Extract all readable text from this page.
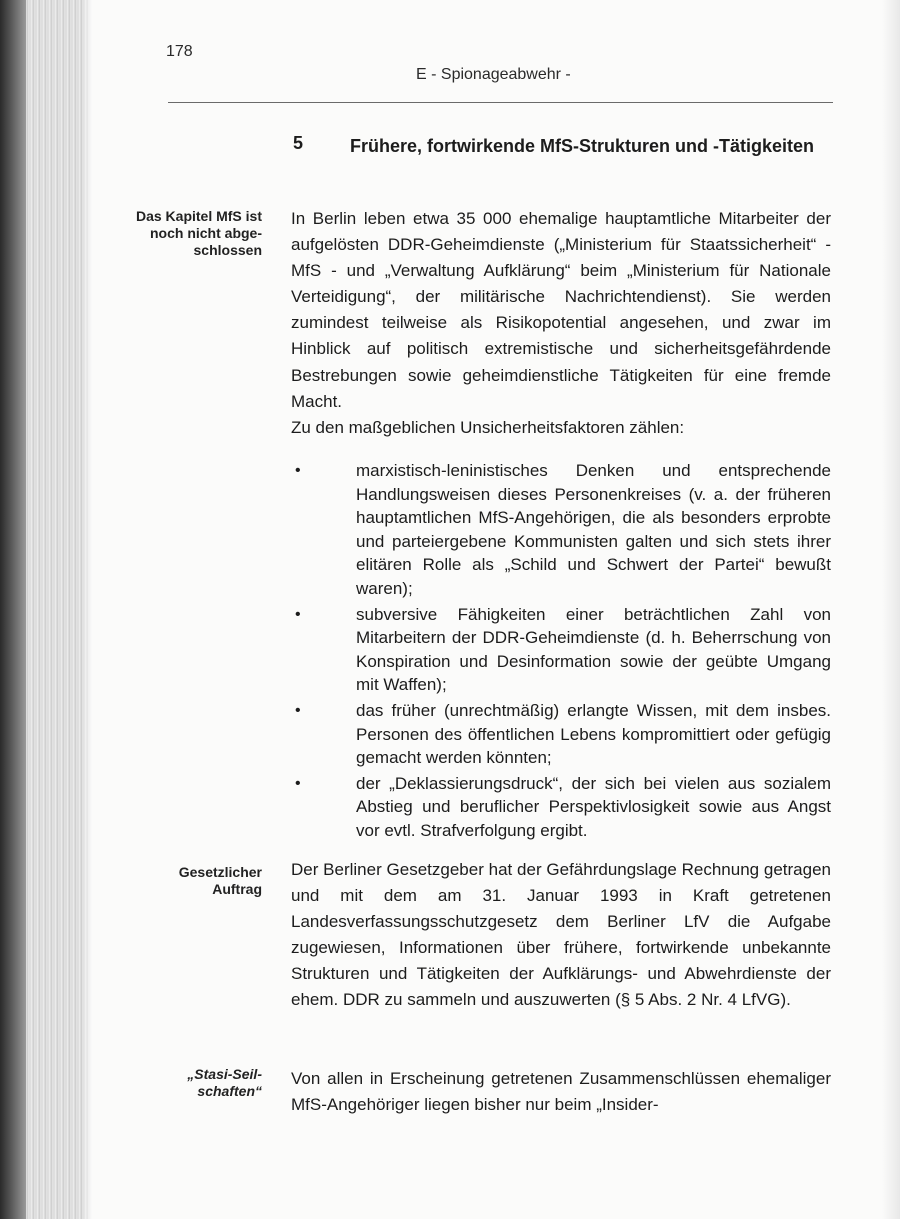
178
E - Spionageabwehr -
5	Frühere, fortwirkende MfS-Strukturen und -Tätigkeiten
Das Kapitel MfS ist noch nicht abge-schlossen

In Berlin leben etwa 35 000 ehemalige hauptamtliche Mitarbeiter der aufgelösten DDR-Geheimdienste („Ministerium für Staatssicherheit“ - MfS - und „Verwaltung Aufklärung“ beim „Ministerium für Nationale Verteidigung“, der militärische Nachrichtendienst). Sie werden zumindest teilweise als Risikopotential angesehen, und zwar im Hinblick auf politisch extremistische und sicherheitsgefährdende Bestrebungen sowie geheimdienstliche Tätigkeiten für eine fremde Macht.

Zu den maßgeblichen Unsicherheitsfaktoren zählen:

•	marxistisch-leninistisches Denken und entsprechende Handlungsweisen dieses Personenkreises (v. a. der früheren hauptamtlichen MfS-Angehörigen, die als besonders erprobte und parteiergebene Kommunisten galten und sich stets ihrer elitären Rolle als „Schild und Schwert der Partei“ bewußt waren);
•	subversive Fähigkeiten einer beträchtlichen Zahl von Mitarbeitern der DDR-Geheimdienste (d. h. Beherrschung von Konspiration und Desinformation sowie der geübte Umgang mit Waffen);
•	das früher (unrechtmäßig) erlangte Wissen, mit dem insbes. Personen des öffentlichen Lebens kompromittiert oder gefügig gemacht werden könnten;
•	der „Deklassierungsdruck“, der sich bei vielen aus sozialem Abstieg und beruflicher Perspektivlosigkeit sowie aus Angst vor evtl. Strafverfolgung ergibt.
Gesetzlicher Auftrag

Der Berliner Gesetzgeber hat der Gefährdungslage Rechnung getragen und mit dem am 31. Januar 1993 in Kraft getretenen Landesverfassungsschutzgesetz dem Berliner LfV die Aufgabe zugewiesen, Informationen über frühere, fortwirkende unbekannte Strukturen und Tätigkeiten der Aufklärungs- und Abwehrdienste der ehem. DDR zu sammeln und auszuwerten (§ 5 Abs. 2 Nr. 4 LfVG).

„Stasi-Seil-schaften“

Von allen in Erscheinung getretenen Zusammenschlüssen ehemaliger MfS-Angehöriger liegen bisher nur beim „Insider-
